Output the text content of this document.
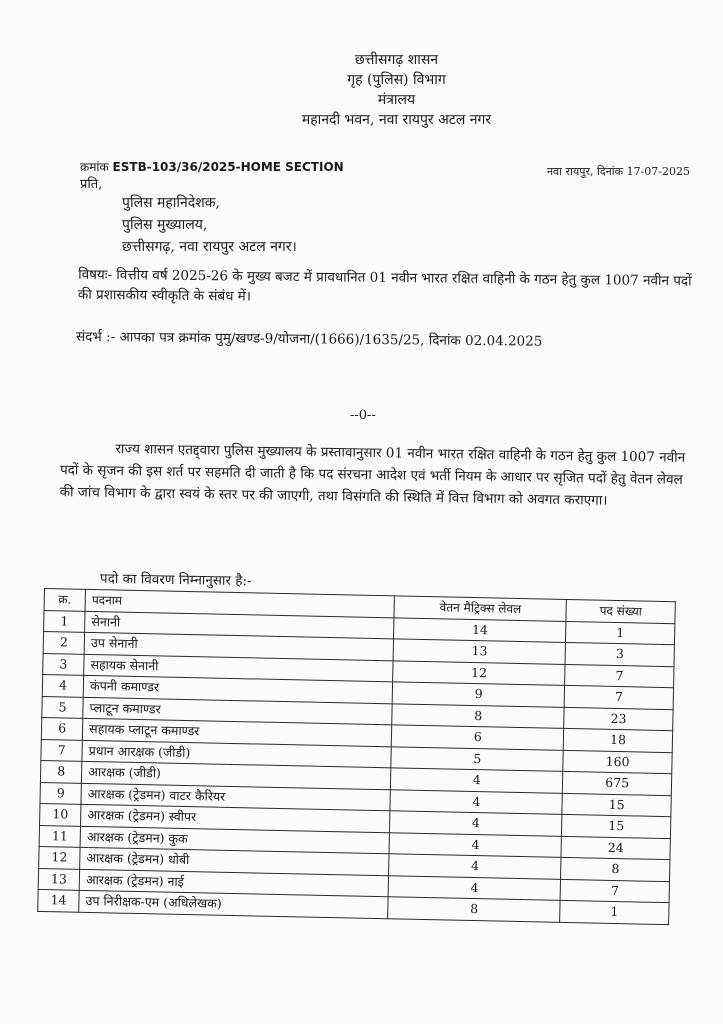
छत्तीसगढ़ शासन
गृह (पुलिस) विभाग
मंत्रालय
महानदी भवन, नवा रायपुर अटल नगर
क्रमांक ESTB-103/36/2025-HOME SECTION	नवा रायपुर, दिनांक 17-07-2025
प्रति,
पुलिस महानिदेशक,
पुलिस मुख्यालय,
छत्तीसगढ़, नवा रायपुर अटल नगर।
विषयः- वित्तीय वर्ष 2025-26 के मुख्य बजट में प्रावधानित 01 नवीन भारत रक्षित वाहिनी के गठन हेतु कुल 1007 नवीन पदों की प्रशासकीय स्वीकृति के संबंध में।
संदर्भ :- आपका पत्र क्रमांक पुमु/खण्ड-9/योजना/(1666)/1635/25, दिनांक 02.04.2025
--0--
राज्य शासन एतद्द्वारा पुलिस मुख्यालय के प्रस्तावानुसार 01 नवीन भारत रक्षित वाहिनी के गठन हेतु कुल 1007 नवीन पदों के सृजन की इस शर्त पर सहमति दी जाती है कि पद संरचना आदेश एवं भर्ती नियम के आधार पर सृजित पदों हेतु वेतन लेवल की जांच विभाग के द्वारा स्वयं के स्तर पर की जाएगी, तथा विसंगति की स्थिति में वित्त विभाग को अवगत कराएगा।
पदो का विवरण निम्नानुसार है:-
क्र.	पदनाम	वेतन मैट्रिक्स लेवल	पद संख्या
1	सेनानी	14	1
2	उप सेनानी	13	3
3	सहायक सेनानी	12	7
4	कंपनी कमाण्डर	9	7
5	प्लाटून कमाण्डर	8	23
6	सहायक प्लाटून कमाण्डर	6	18
7	प्रधान आरक्षक (जीडी)	5	160
8	आरक्षक (जीडी)	4	675
9	आरक्षक (ट्रेडमन) वाटर कैरियर	4	15
10	आरक्षक (ट्रेडमन) स्वीपर	4	15
11	आरक्षक (ट्रेडमन) कुक	4	24
12	आरक्षक (ट्रेडमन) धोबी	4	8
13	आरक्षक (ट्रेडमन) नाई	4	7
14	उप निरीक्षक-एम (अधिलेखक)	8	1
